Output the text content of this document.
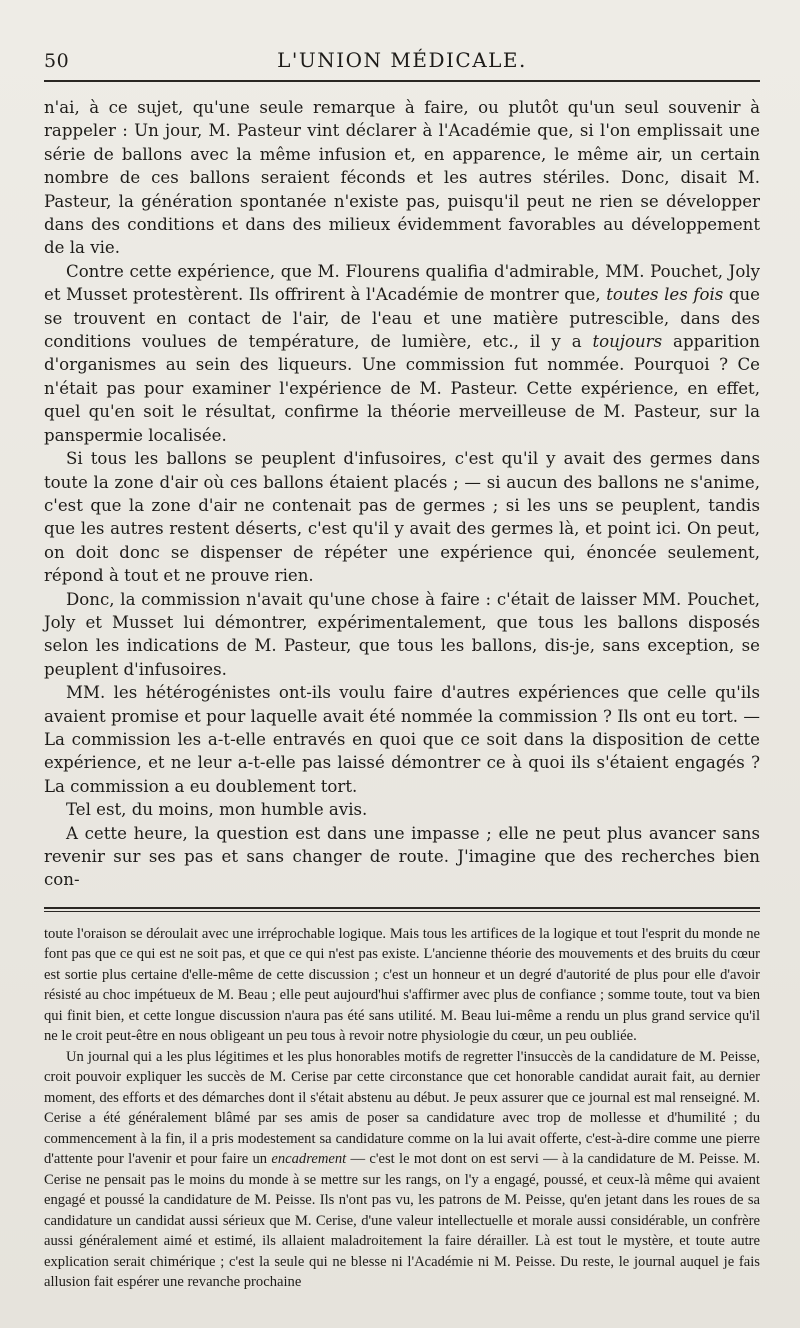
50	L'UNION MÉDICALE.

n'ai, à ce sujet, qu'une seule remarque à faire, ou plutôt qu'un seul souvenir à rappeler : Un jour, M. Pasteur vint déclarer à l'Académie que, si l'on emplissait une série de ballons avec la même infusion et, en apparence, le même air, un certain nombre de ces ballons seraient féconds et les autres stériles. Donc, disait M. Pasteur, la génération spontanée n'existe pas, puisqu'il peut ne rien se développer dans des conditions et dans des milieux évidemment favorables au développement de la vie.

Contre cette expérience, que M. Flourens qualifia d'admirable, MM. Pouchet, Joly et Musset protestèrent. Ils offrirent à l'Académie de montrer que, toutes les fois que se trouvent en contact de l'air, de l'eau et une matière putrescible, dans des conditions voulues de température, de lumière, etc., il y a toujours apparition d'organismes au sein des liqueurs. Une commission fut nommée. Pourquoi ? Ce n'était pas pour examiner l'expérience de M. Pasteur. Cette expérience, en effet, quel qu'en soit le résultat, confirme la théorie merveilleuse de M. Pasteur, sur la panspermie localisée.

Si tous les ballons se peuplent d'infusoires, c'est qu'il y avait des germes dans toute la zone d'air où ces ballons étaient placés ; — si aucun des ballons ne s'anime, c'est que la zone d'air ne contenait pas de germes ; si les uns se peuplent, tandis que les autres restent déserts, c'est qu'il y avait des germes là, et point ici. On peut, on doit donc se dispenser de répéter une expérience qui, énoncée seulement, répond à tout et ne prouve rien.

Donc, la commission n'avait qu'une chose à faire : c'était de laisser MM. Pouchet, Joly et Musset lui démontrer, expérimentalement, que tous les ballons disposés selon les indications de M. Pasteur, que tous les ballons, dis-je, sans exception, se peuplent d'infusoires.

MM. les hétérogénistes ont-ils voulu faire d'autres expériences que celle qu'ils avaient promise et pour laquelle avait été nommée la commission ? Ils ont eu tort. — La commission les a-t-elle entravés en quoi que ce soit dans la disposition de cette expérience, et ne leur a-t-elle pas laissé démontrer ce à quoi ils s'étaient engagés ? La commission a eu doublement tort.

Tel est, du moins, mon humble avis.

A cette heure, la question est dans une impasse ; elle ne peut plus avancer sans revenir sur ses pas et sans changer de route. J'imagine que des recherches bien con-

toute l'oraison se déroulait avec une irréprochable logique. Mais tous les artifices de la logique et tout l'esprit du monde ne font pas que ce qui est ne soit pas, et que ce qui n'est pas existe. L'ancienne théorie des mouvements et des bruits du cœur est sortie plus certaine d'elle-même de cette discussion ; c'est un honneur et un degré d'autorité de plus pour elle d'avoir résisté au choc impétueux de M. Beau ; elle peut aujourd'hui s'affirmer avec plus de confiance ; somme toute, tout va bien qui finit bien, et cette longue discussion n'aura pas été sans utilité. M. Beau lui-même a rendu un plus grand service qu'il ne le croit peut-être en nous obligeant un peu tous à revoir notre physiologie du cœur, un peu oubliée.

Un journal qui a les plus légitimes et les plus honorables motifs de regretter l'insuccès de la candidature de M. Peisse, croit pouvoir expliquer les succès de M. Cerise par cette circonstance que cet honorable candidat aurait fait, au dernier moment, des efforts et des démarches dont il s'était abstenu au début. Je peux assurer que ce journal est mal renseigné. M. Cerise a été généralement blâmé par ses amis de poser sa candidature avec trop de mollesse et d'humilité ; du commencement à la fin, il a pris modestement sa candidature comme on la lui avait offerte, c'est-à-dire comme une pierre d'attente pour l'avenir et pour faire un encadrement — c'est le mot dont on est servi — à la candidature de M. Peisse. M. Cerise ne pensait pas le moins du monde à se mettre sur les rangs, on l'y a engagé, poussé, et ceux-là même qui avaient engagé et poussé la candidature de M. Peisse. Ils n'ont pas vu, les patrons de M. Peisse, qu'en jetant dans les roues de sa candidature un candidat aussi sérieux que M. Cerise, d'une valeur intellectuelle et morale aussi considérable, un confrère aussi généralement aimé et estimé, ils allaient maladroitement la faire dérailler. Là est tout le mystère, et toute autre explication serait chimérique ; c'est la seule qui ne blesse ni l'Académie ni M. Peisse. Du reste, le journal auquel je fais allusion fait espérer une revanche prochaine
